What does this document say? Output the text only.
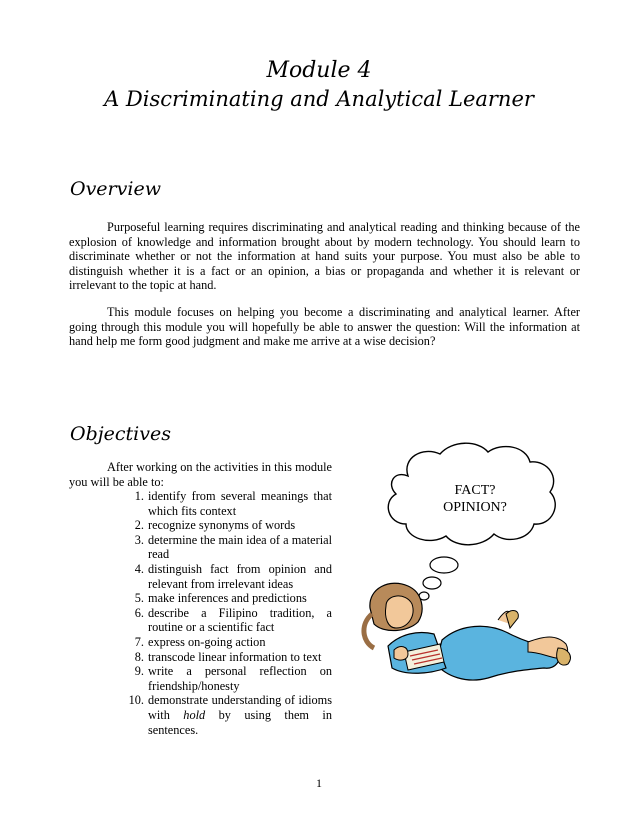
Module 4
A Discriminating and Analytical Learner
Overview

Purposeful learning requires discriminating and analytical reading and thinking because of the explosion of knowledge and information brought about by modern technology. You should learn to discriminate whether or not the information at hand suits your purpose. You must also be able to distinguish whether it is a fact or an opinion, a bias or propaganda and whether it is relevant or irrelevant to the topic at hand.

This module focuses on helping you become a discriminating and analytical learner. After going through this module you will hopefully be able to answer the question: Will the information at hand help me form good judgment and make me arrive at a wise decision?

Objectives

After working on the activities in this module you will be able to:

1. identify from several meanings that which fits context
2. recognize synonyms of words
3. determine the main idea of a material read
4. distinguish fact from opinion and relevant from irrelevant ideas
5. make inferences and predictions
6. describe a Filipino tradition, a routine or a scientific fact
7. express on-going action
8. transcode linear information to text
9. write a personal reflection on friendship/honesty
10. demonstrate understanding of idioms with hold by using them in sentences.
FACT?
OPINION?
1
